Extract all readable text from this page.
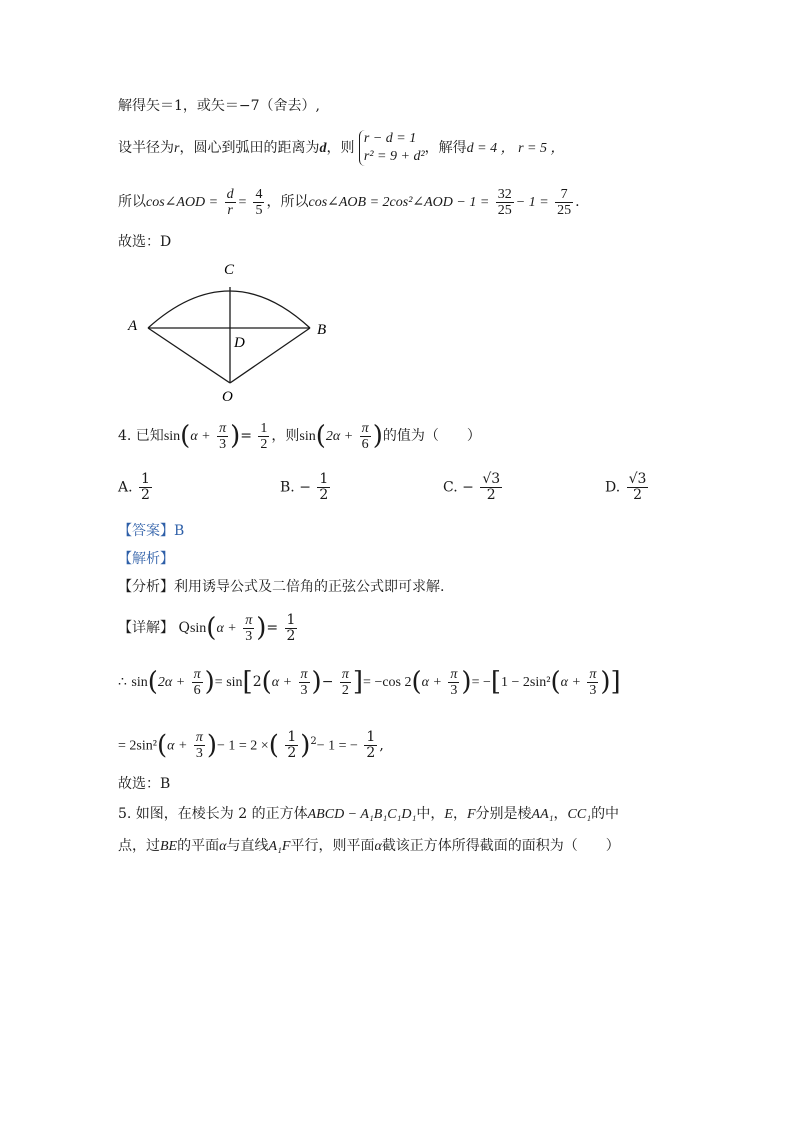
解得矢＝1，或矢＝−7（舍去）,
设半径为r，圆心到弧田的距离为d，则
r − d = 1
r² = 9 + d²
，解得d = 4 ， r = 5 ，
所以cos∠AOD = $\frac{d}{r} = \frac{4}{5}$ ，所以cos∠AOB = 2cos²∠AOD − $1 = \frac{32}{25} - 1 = \frac{7}{25}$ .
故选：D
C
A
D
B
O
4. 已知$\sin(\alpha + \frac{\pi}{3}$ )= $\frac{1}{2}$ ，则$\sin(2\alpha + \frac{\pi}{6}$ )的值为（　　）
A. $\frac{1}{2}$	B. − $\frac{1}{2}$	C. − $\frac{√3}{2}$	D. $\frac{√3}{2}$
【答案】B
【解析】
【分析】利用诱导公式及二倍角的正弦公式即可求解.
【详解】 $Qsin(\alpha + \frac{\pi}{3}$ )= $\frac{1}{2}$
∴ $\sin(2\alpha + \frac{\pi}{6}$ )= $\sin[2(\alpha + \frac{\pi}{3}$ )− $\frac{\pi}{2}$ ]= −cos $2(\alpha + \frac{\pi}{3}$ )= $-[1 - 2\sin^2(\alpha + \frac{\pi}{3}$ )]
= $2\sin^2(\alpha + \frac{\pi}{3}$ )− 1 = 2 ×( $\frac{1}{2} )^2- 1$ = − $\frac{1}{2}$ ,
故选：B
5. 如图，在棱长为 2 的正方体ABCD − A₁B₁C₁D₁中，E，F分别是棱AA₁，CC₁的中
点，过BE的平面α与直线A₁F平行，则平面α截该正方体所得截面的面积为（　　）
